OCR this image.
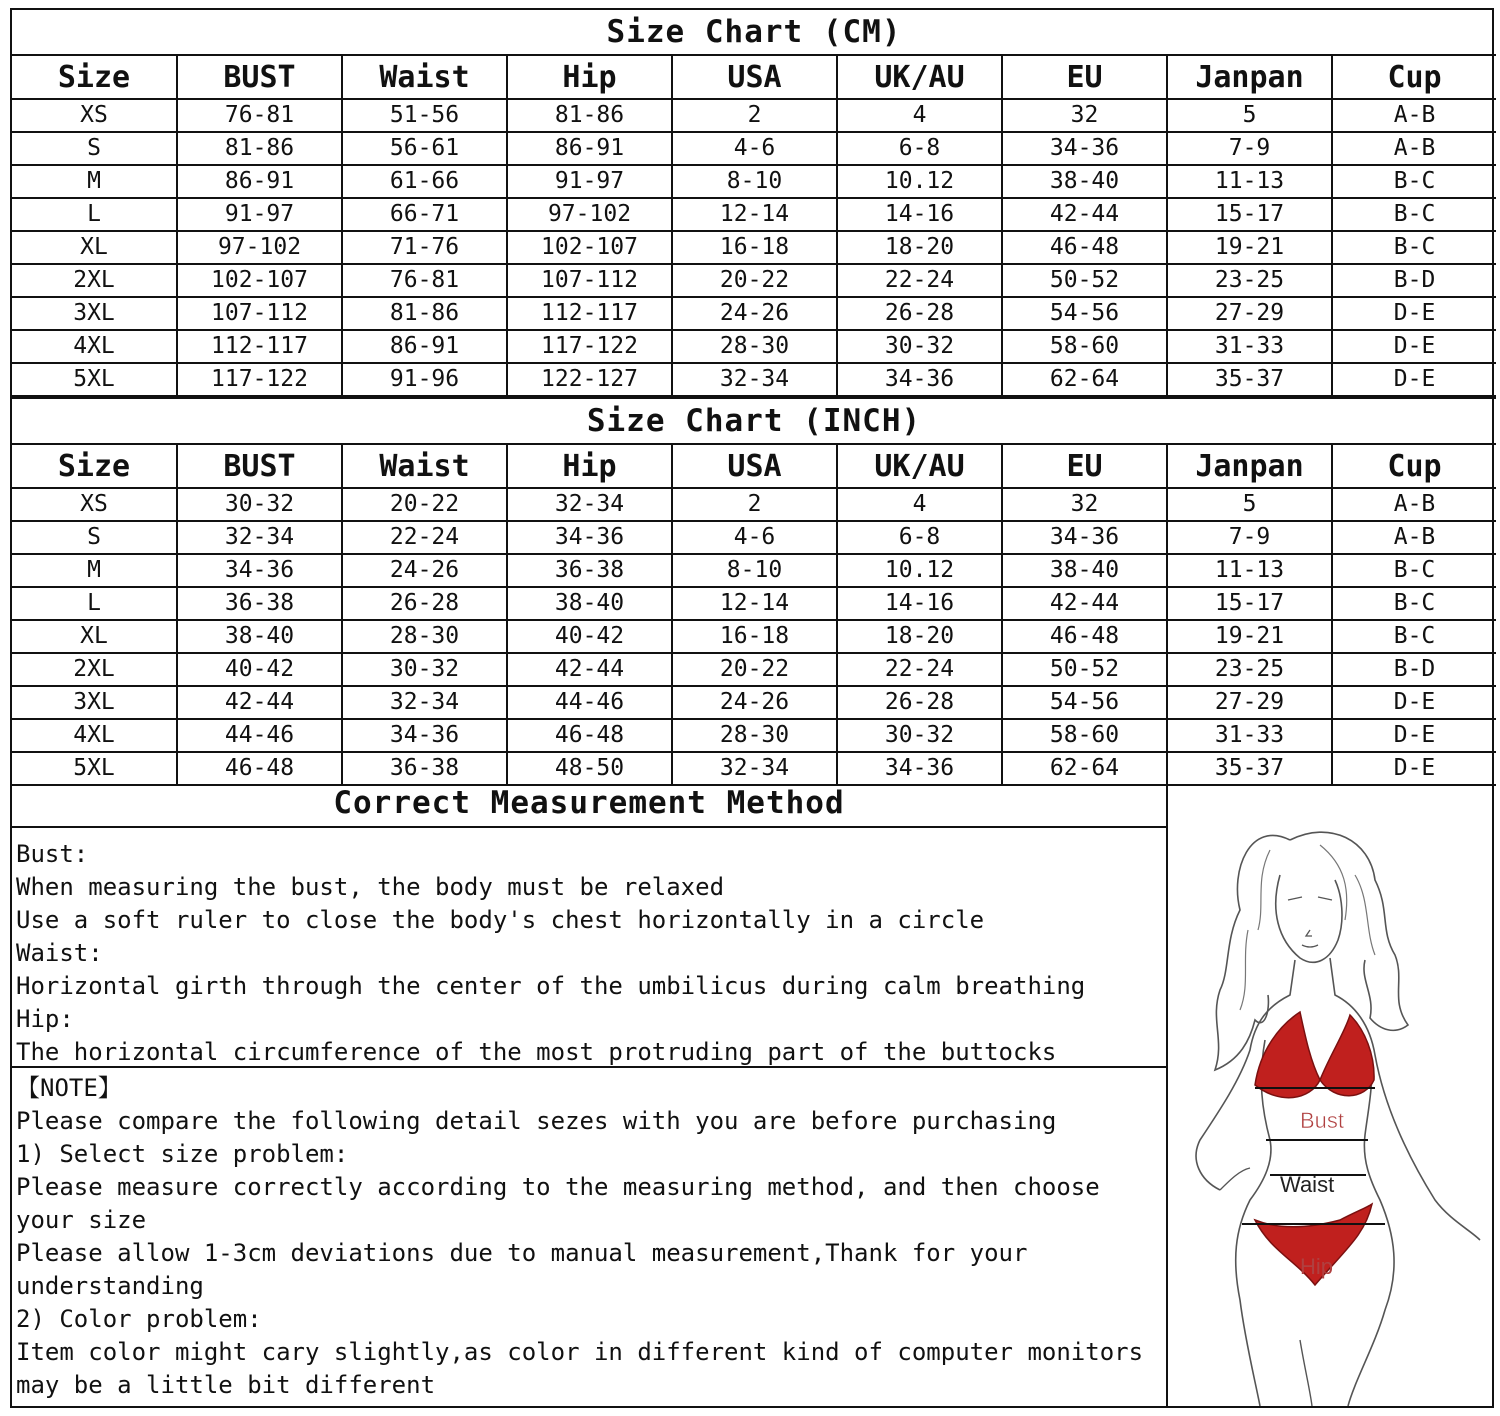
Size Chart (CM)								
Size	BUST	Waist	Hip	USA	UK/AU	EU	Janpan	Cup
XS	76-81	51-56	81-86	2	4	32	5	A-B
S	81-86	56-61	86-91	4-6	6-8	34-36	7-9	A-B
M	86-91	61-66	91-97	8-10	10.12	38-40	11-13	B-C
L	91-97	66-71	97-102	12-14	14-16	42-44	15-17	B-C
XL	97-102	71-76	102-107	16-18	18-20	46-48	19-21	B-C
2XL	102-107	76-81	107-112	20-22	22-24	50-52	23-25	B-D
3XL	107-112	81-86	112-117	24-26	26-28	54-56	27-29	D-E
4XL	112-117	86-91	117-122	28-30	30-32	58-60	31-33	D-E
5XL	117-122	91-96	122-127	32-34	34-36	62-64	35-37	D-E
Size Chart (INCH)								
Size	BUST	Waist	Hip	USA	UK/AU	EU	Janpan	Cup
XS	30-32	20-22	32-34	2	4	32	5	A-B
S	32-34	22-24	34-36	4-6	6-8	34-36	7-9	A-B
M	34-36	24-26	36-38	8-10	10.12	38-40	11-13	B-C
L	36-38	26-28	38-40	12-14	14-16	42-44	15-17	B-C
XL	38-40	28-30	40-42	16-18	18-20	46-48	19-21	B-C
2XL	40-42	30-32	42-44	20-22	22-24	50-52	23-25	B-D
3XL	42-44	32-34	44-46	24-26	26-28	54-56	27-29	D-E
4XL	44-46	34-36	46-48	28-30	30-32	58-60	31-33	D-E
5XL	46-48	36-38	48-50	32-34	34-36	62-64	35-37	D-E
Correct Measurement Method
Bust:
When measuring the bust, the body must be relaxed
Use a soft ruler to close the body's chest horizontally in a circle
Waist:
Horizontal girth through the center of the umbilicus during calm breathing
Hip:
The horizontal circumference of the most protruding part of the buttocks
【NOTE】
Please compare the following detail sezes with you are before purchasing
1) Select size problem:
Please measure correctly according to the measuring method, and then choose
your size
Please allow 1-3cm deviations due to manual measurement,Thank for your
understanding
2) Color problem:
Item color might cary slightly,as color in different kind of computer monitors
may be a little bit different
Bust
Waist
Hip
